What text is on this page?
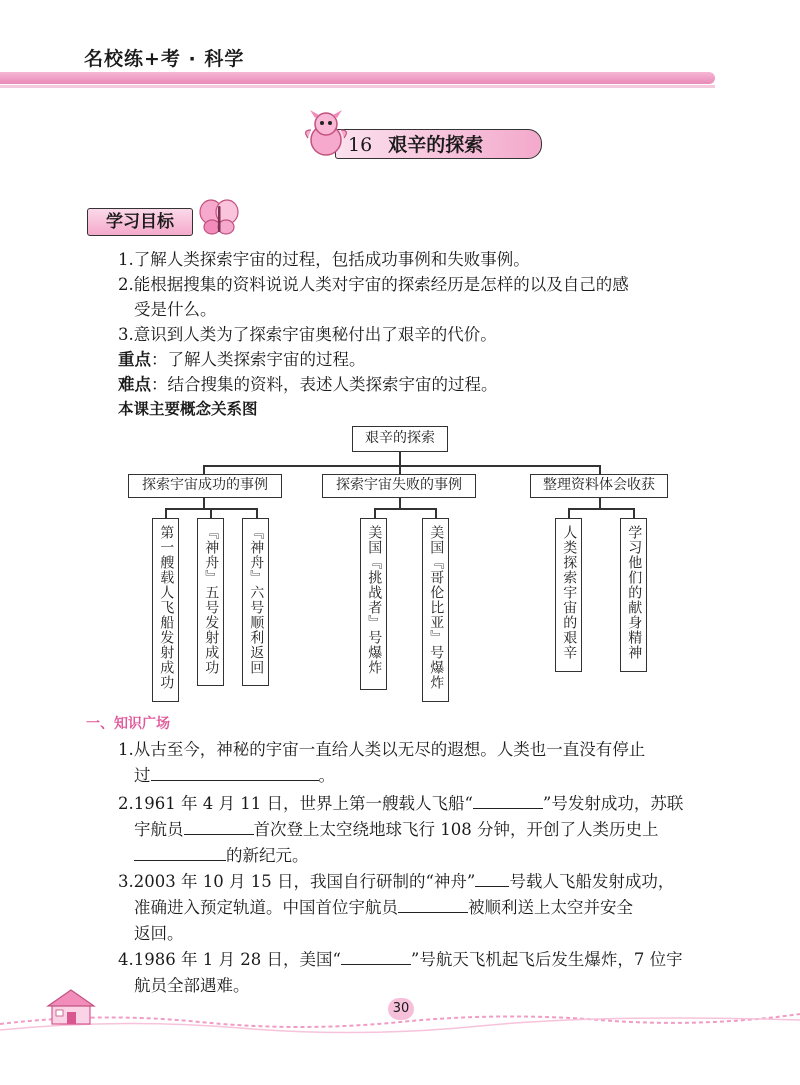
名校练+考 · 科学
16 艰辛的探索
学习目标
1.了解人类探索宇宙的过程，包括成功事例和失败事例。
2.能根据搜集的资料说说人类对宇宙的探索经历是怎样的以及自己的感
受是什么。
3.意识到人类为了探索宇宙奥秘付出了艰辛的代价。
重点：了解人类探索宇宙的过程。
难点：结合搜集的资料，表述人类探索宇宙的过程。
本课主要概念关系图
艰辛的探索
探索宇宙成功的事例	探索宇宙失败的事例	整理资料体会收获
第一艘载人飞船发射成功	『神舟』五号发射成功	『神舟』六号顺利返回	美国『挑战者』号爆炸	美国『哥伦比亚』号爆炸	人类探索宇宙的艰辛	学习他们的献身精神
一、知识广场
1.从古至今，神秘的宇宙一直给人类以无尽的遐想。人类也一直没有停止
过	。
2.1961 年 4 月 11 日，世界上第一艘载人飞船“	”号发射成功，苏联
宇航员	首次登上太空绕地球飞行 108 分钟，开创了人类历史上
的新纪元。
3.2003 年 10 月 15 日，我国自行研制的“神舟” 号载人飞船发射成功，
准确进入预定轨道。中国首位宇航员	被顺利送上太空并安全
返回。
4.1986 年 1 月 28 日，美国“	”号航天飞机起飞后发生爆炸，7 位宇
航员全部遇难。
30
